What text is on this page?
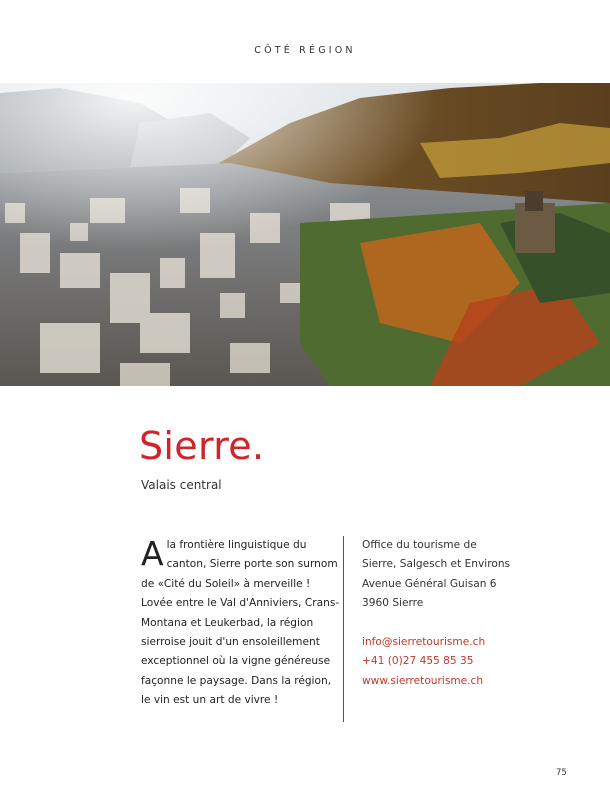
CÔTÉ RÉGION
Sierre.
Valais central
Ala frontière linguistique du canton, Sierre porte son surnom de «Cité du Soleil» à merveille ! Lovée entre le Val d'Anniviers, Crans-Montana et Leukerbad, la région sierroise jouit d'un ensoleillement exceptionnel où la vigne généreuse façonne le paysage. Dans la région, le vin est un art de vivre !
Office du tourisme de
Sierre, Salgesch et Environs
Avenue Général Guisan 6
3960 Sierre
info@sierretourisme.ch
+41 (0)27 455 85 35
www.sierretourisme.ch
75
